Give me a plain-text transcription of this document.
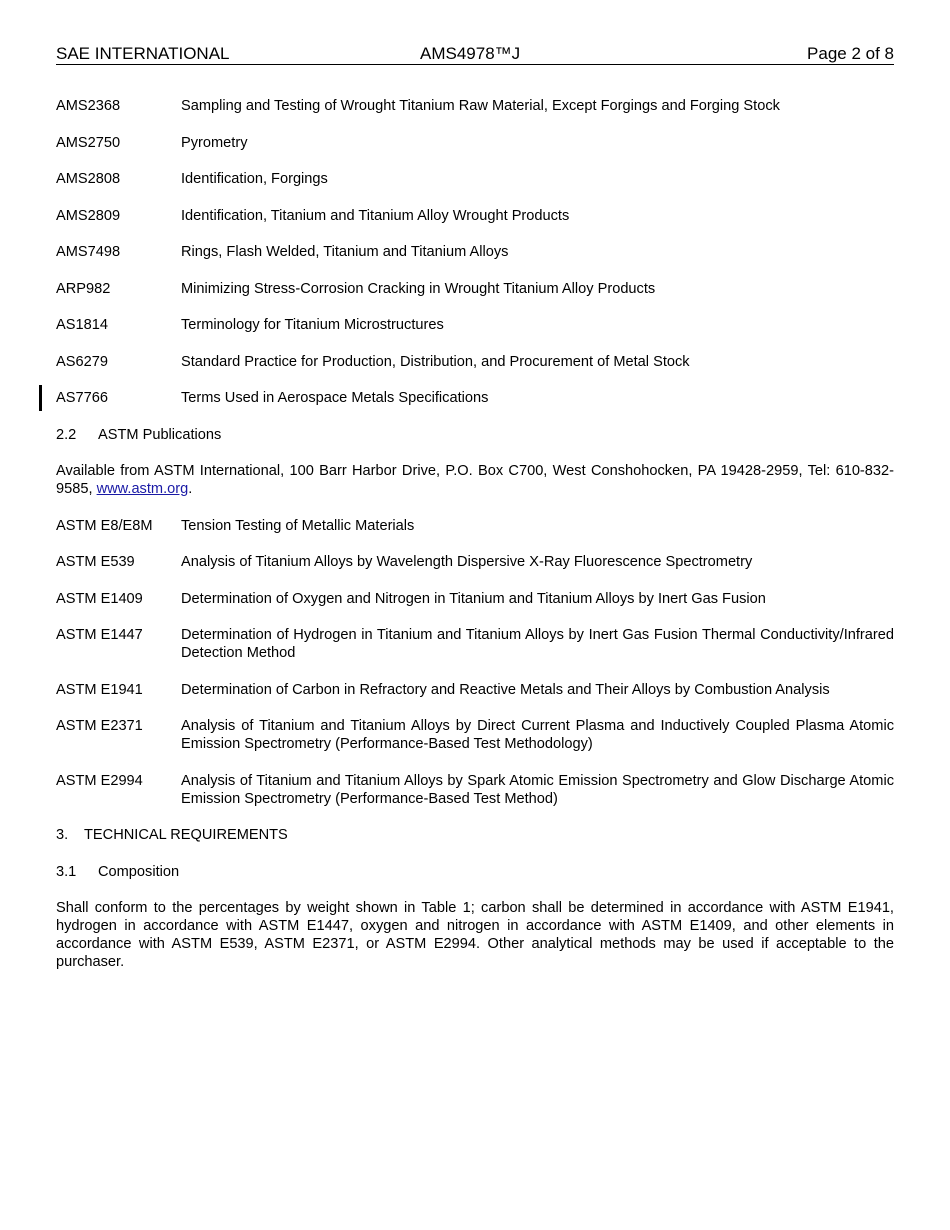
SAE INTERNATIONAL	AMS4978™J	Page 2 of 8
AMS2368	Sampling and Testing of Wrought Titanium Raw Material, Except Forgings and Forging Stock
AMS2750	Pyrometry
AMS2808	Identification, Forgings
AMS2809	Identification, Titanium and Titanium Alloy Wrought Products
AMS7498	Rings, Flash Welded, Titanium and Titanium Alloys
ARP982	Minimizing Stress-Corrosion Cracking in Wrought Titanium Alloy Products
AS1814	Terminology for Titanium Microstructures
AS6279	Standard Practice for Production, Distribution, and Procurement of Metal Stock
AS7766	Terms Used in Aerospace Metals Specifications
2.2 ASTM Publications
Available from ASTM International, 100 Barr Harbor Drive, P.O. Box C700, West Conshohocken, PA 19428-2959, Tel: 610-832-9585, www.astm.org.
ASTM E8/E8M	Tension Testing of Metallic Materials
ASTM E539	Analysis of Titanium Alloys by Wavelength Dispersive X-Ray Fluorescence Spectrometry
ASTM E1409	Determination of Oxygen and Nitrogen in Titanium and Titanium Alloys by Inert Gas Fusion
ASTM E1447	Determination of Hydrogen in Titanium and Titanium Alloys by Inert Gas Fusion Thermal Conductivity/Infrared Detection Method
ASTM E1941	Determination of Carbon in Refractory and Reactive Metals and Their Alloys by Combustion Analysis
ASTM E2371	Analysis of Titanium and Titanium Alloys by Direct Current Plasma and Inductively Coupled Plasma Atomic Emission Spectrometry (Performance-Based Test Methodology)
ASTM E2994	Analysis of Titanium and Titanium Alloys by Spark Atomic Emission Spectrometry and Glow Discharge Atomic Emission Spectrometry (Performance-Based Test Method)
3. TECHNICAL REQUIREMENTS
3.1 Composition
Shall conform to the percentages by weight shown in Table 1; carbon shall be determined in accordance with ASTM E1941, hydrogen in accordance with ASTM E1447, oxygen and nitrogen in accordance with ASTM E1409, and other elements in accordance with ASTM E539, ASTM E2371, or ASTM E2994. Other analytical methods may be used if acceptable to the purchaser.
